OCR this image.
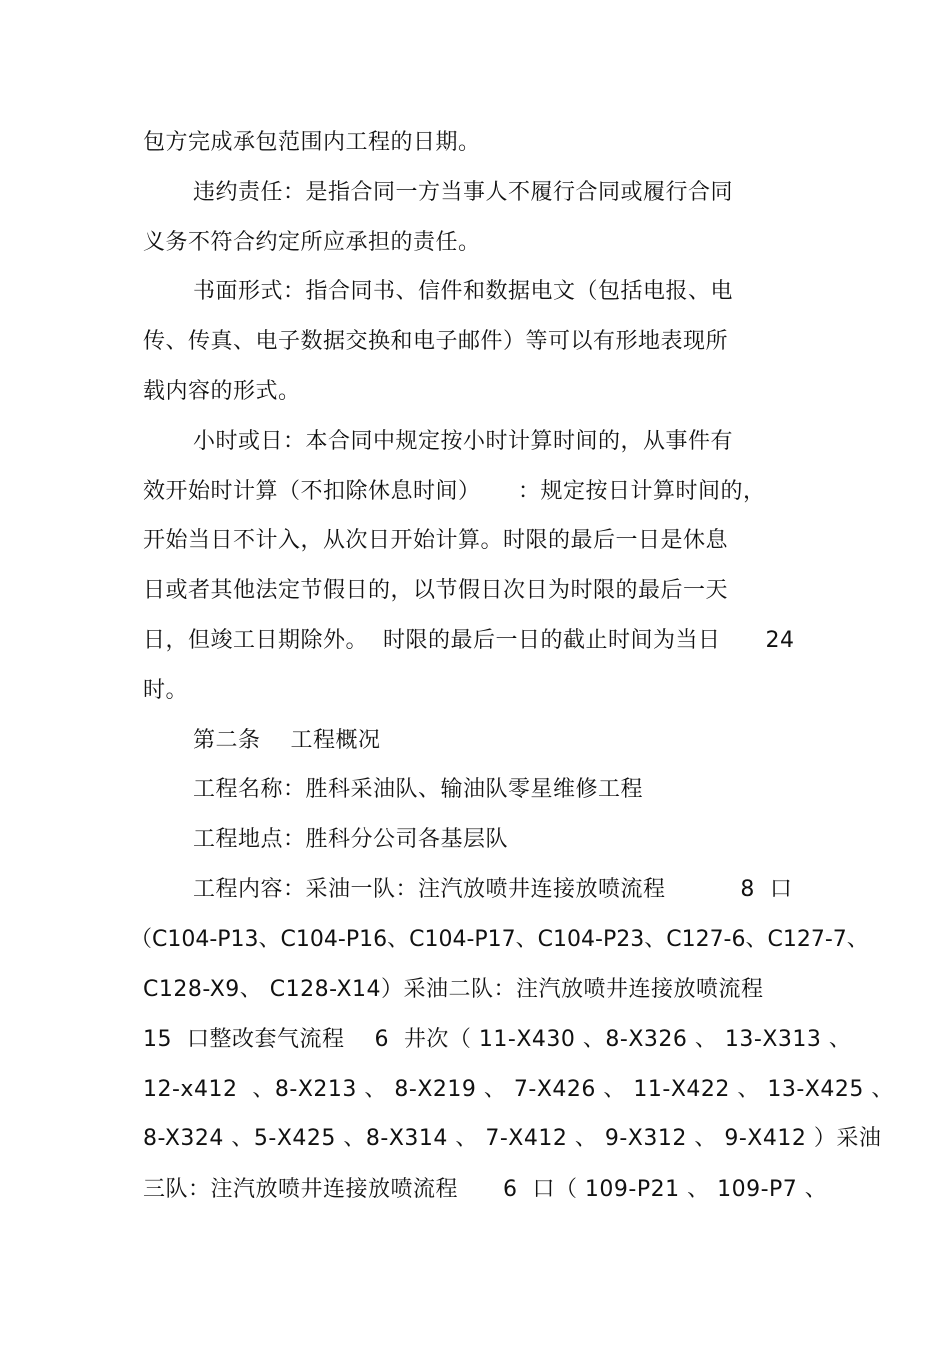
包方完成承包范围内工程的日期。
违约责任：是指合同一方当事人不履行合同或履行合同
义务不符合约定所应承担的责任。
书面形式：指合同书、信件和数据电文（包括电报、电
传、传真、电子数据交换和电子邮件）等可以有形地表现所
载内容的形式。
小时或日：本合同中规定按小时计算时间的，从事件有
效开始时计算（不扣除休息时间）     ：规定按日计算时间的，
开始当日不计入，从次日开始计算。时限的最后一日是休息
日或者其他法定节假日的，以节假日次日为时限的最后一天
日，但竣工日期除外。  时限的最后一日的截止时间为当日      24
时。
第二条    工程概况
工程名称：胜科采油队、输油队零星维修工程
工程地点：胜科分公司各基层队
工程内容：采油一队：注汽放喷井连接放喷流程          8  口
（C104-P13、C104-P16、C104-P17、C104-P23、C127-6、C127-7、
C128-X9、 C128-X14）采油二队：注汽放喷井连接放喷流程
15  口整改套气流程    6  井次（ 11-X430 、8-X326 、 13-X313 、
12-x412  、8-X213 、 8-X219 、 7-X426 、 11-X422 、 13-X425 、
8-X324 、5-X425 、8-X314 、 7-X412 、 9-X312 、 9-X412 ）采油
三队：注汽放喷井连接放喷流程      6  口（ 109-P21 、 109-P7 、
